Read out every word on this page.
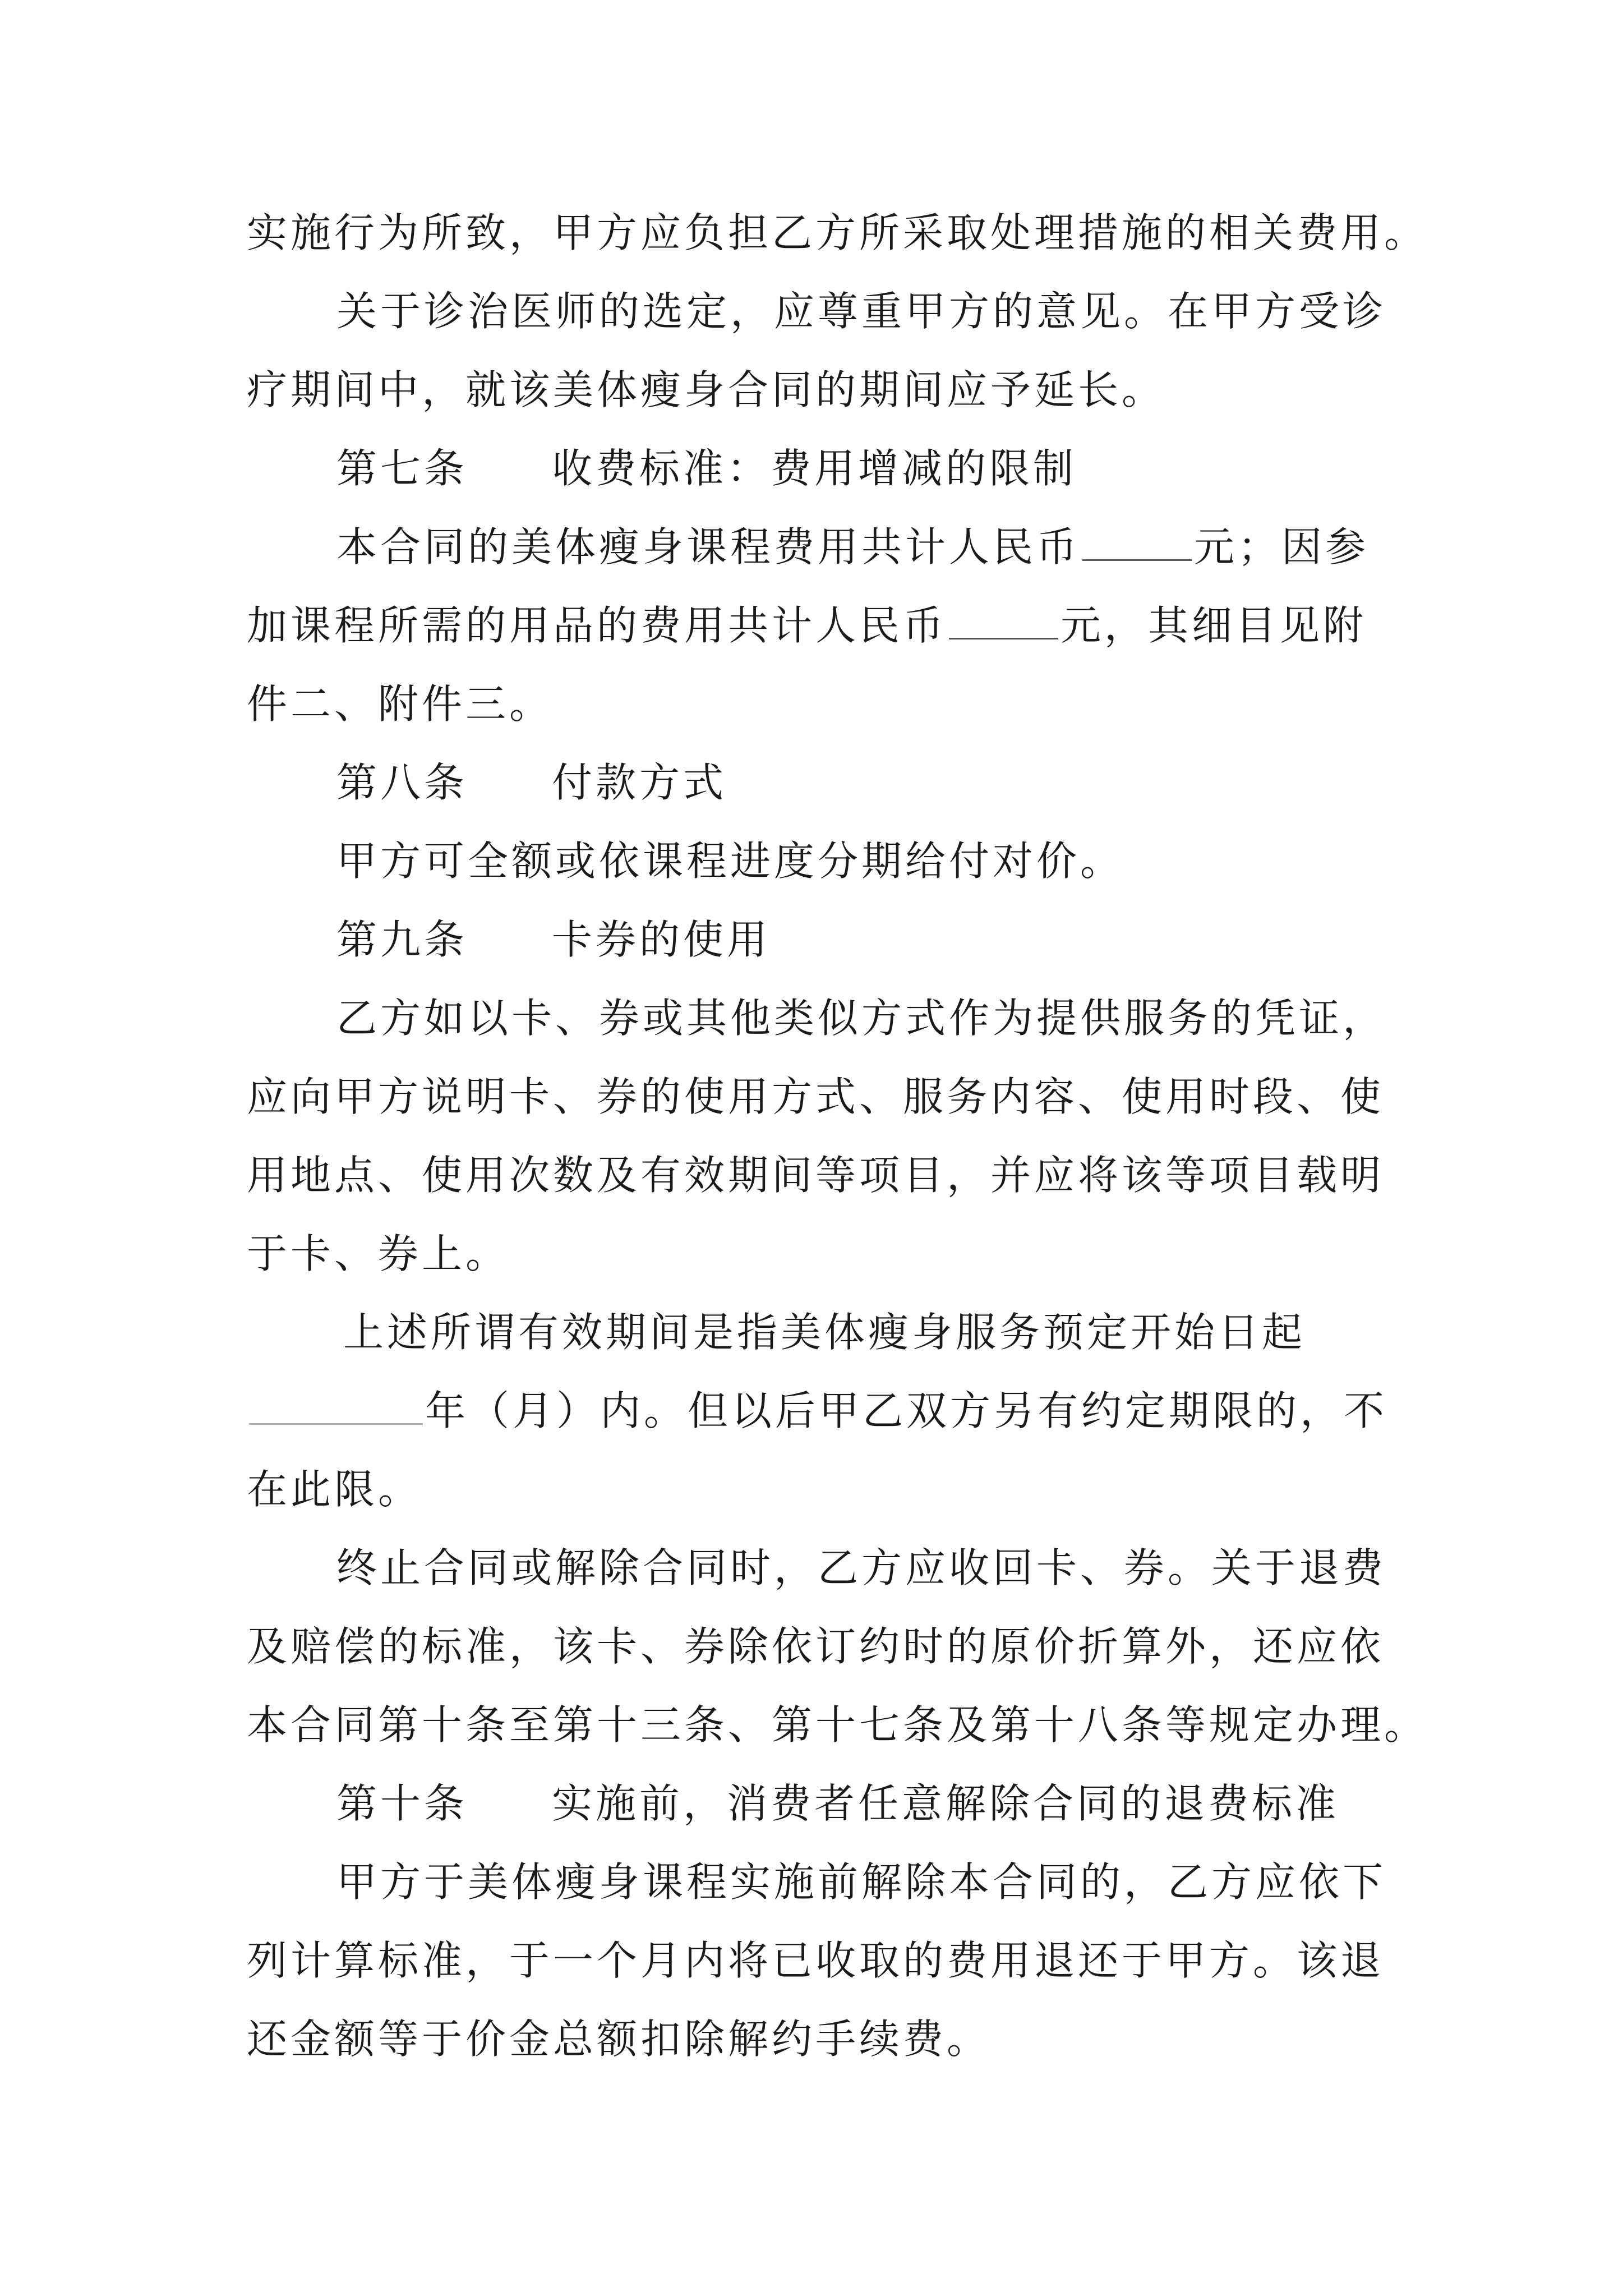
实施行为所致，甲方应负担乙方所采取处理措施的相关费用。
关于诊治医师的选定，应尊重甲方的意见。在甲方受诊
疗期间中，就该美体瘦身合同的期间应予延长。
第七条 收费标准：费用增减的限制
本合同的美体瘦身课程费用共计人民币	元；因参
加课程所需的用品的费用共计人民币	元，其细目见附
件二、附件三。
第八条 付款方式
甲方可全额或依课程进度分期给付对价。
第九条 卡券的使用
乙方如以卡、券或其他类似方式作为提供服务的凭证，
应向甲方说明卡、券的使用方式、服务内容、使用时段、使
用地点、使用次数及有效期间等项目，并应将该等项目载明
于卡、券上。
上述所谓有效期间是指美体瘦身服务预定开始日起
年（月）内。但以后甲乙双方另有约定期限的，不
在此限。
终止合同或解除合同时，乙方应收回卡、券。关于退费
及赔偿的标准，该卡、券除依订约时的原价折算外，还应依
本合同第十条至第十三条、第十七条及第十八条等规定办理。
第十条 实施前，消费者任意解除合同的退费标准
甲方于美体瘦身课程实施前解除本合同的，乙方应依下
列计算标准，于一个月内将已收取的费用退还于甲方。该退
还金额等于价金总额扣除解约手续费。
